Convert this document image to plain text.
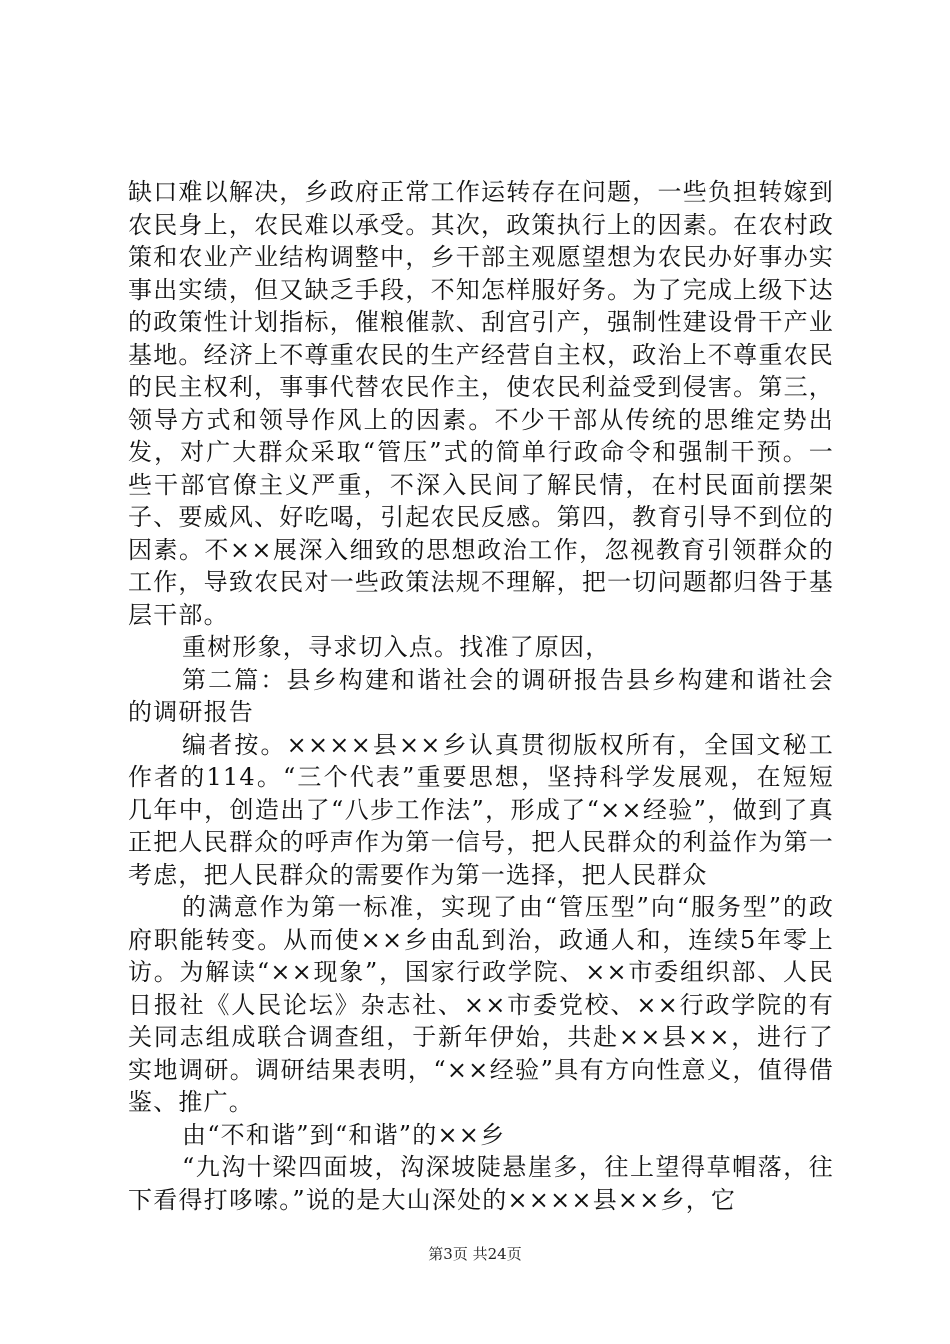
缺口难以解决，乡政府正常工作运转存在问题，一些负担转嫁到农民身上，农民难以承受。其次，政策执行上的因素。在农村政策和农业产业结构调整中，乡干部主观愿望想为农民办好事办实事出实绩，但又缺乏手段，不知怎样服好务。为了完成上级下达的政策性计划指标，催粮催款、刮宫引产，强制性建设骨干产业基地。经济上不尊重农民的生产经营自主权，政治上不尊重农民的民主权利，事事代替农民作主，使农民利益受到侵害。第三，领导方式和领导作风上的因素。不少干部从传统的思维定势出发，对广大群众采取“管压”式的简单行政命令和强制干预。一些干部官僚主义严重，不深入民间了解民情，在村民面前摆架子、要威风、好吃喝，引起农民反感。第四，教育引导不到位的因素。不××展深入细致的思想政治工作，忽视教育引领群众的工作，导致农民对一些政策法规不理解，把一切问题都归咎于基层干部。

重树形象，寻求切入点。找准了原因，

第二篇：县乡构建和谐社会的调研报告县乡构建和谐社会的调研报告

编者按。××××县××乡认真贯彻版权所有，全国文秘工作者的114。“三个代表”重要思想，坚持科学发展观，在短短几年中，创造出了“八步工作法”，形成了“××经验”，做到了真正把人民群众的呼声作为第一信号，把人民群众的利益作为第一考虑，把人民群众的需要作为第一选择，把人民群众

的满意作为第一标准，实现了由“管压型”向“服务型”的政府职能转变。从而使××乡由乱到治，政通人和，连续5年零上访。为解读“××现象”，国家行政学院、××市委组织部、人民日报社《人民论坛》杂志社、××市委党校、××行政学院的有关同志组成联合调查组，于新年伊始，共赴××县××，进行了实地调研。调研结果表明，“××经验”具有方向性意义，值得借鉴、推广。

由“不和谐”到“和谐”的××乡

“九沟十梁四面坡，沟深坡陡悬崖多，往上望得草帽落，往下看得打哆嗦。”说的是大山深处的××××县××乡，它

第3页 共24页
